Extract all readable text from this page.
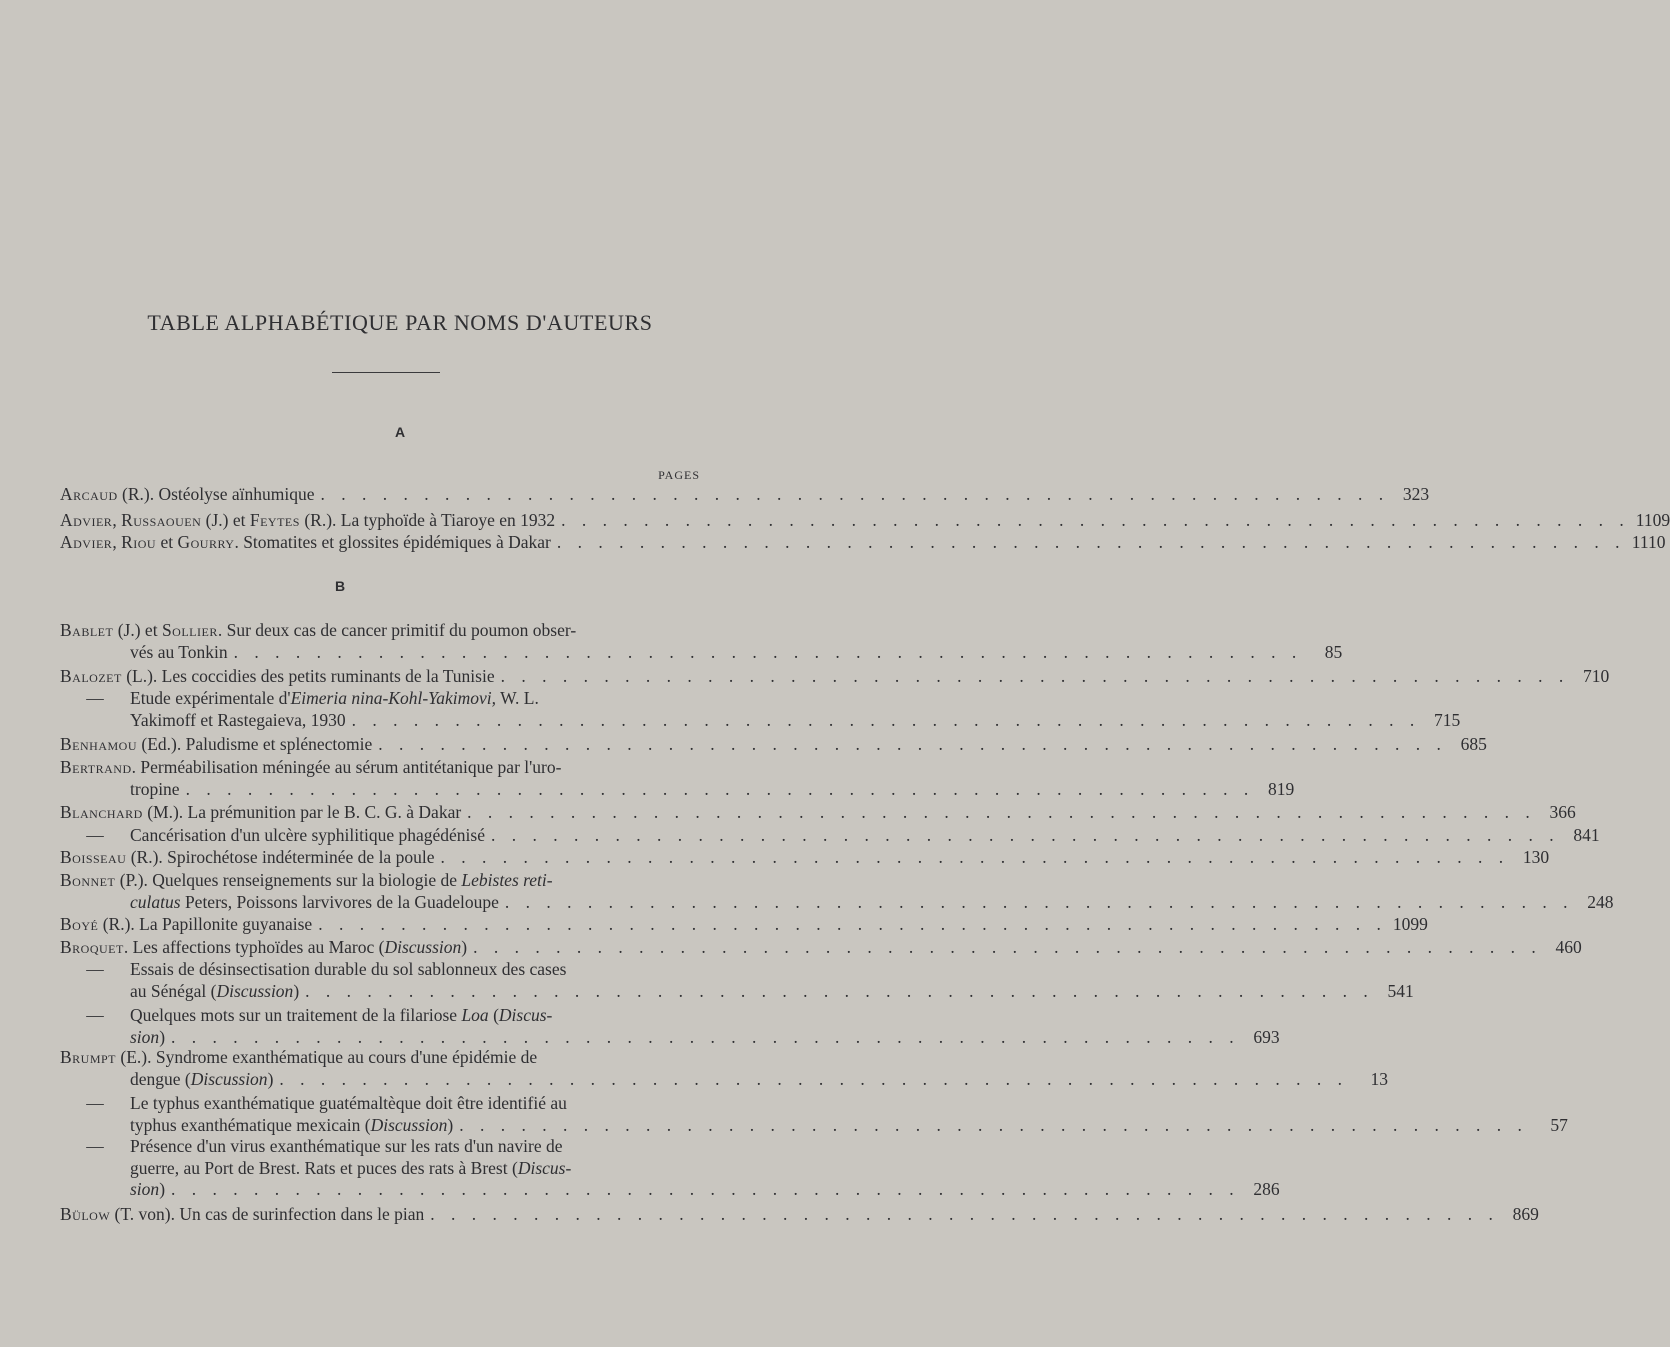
TABLE ALPHABÉTIQUE PAR NOMS D'AUTEURS
A
PAGES
Arcaud (R.). Ostéolyse aïnhumique . . . . . . . . . . . . . . . . . . . . . . . . . . . . . . . . . . . . . . . . . . . . . . . . . . . . 323
Advier, Russaouen (J.) et Feytes (R.). La typhoïde à Tiaroye en 1932 . . . . . . . . . . . . . . . . . . . . . . . . . . . . . . . . . . . . . . . . . . . . . . . . . . . . 1109
Advier, Riou et Gourry. Stomatites et glossites épidémiques à Dakar . . . . . . . . . . . . . . . . . . . . . . . . . . . . . . . . . . . . . . . . . . . . . . . . . . . . 1110
B
Bablet (J.) et Sollier. Sur deux cas de cancer primitif du poumon obser-
vés au Tonkin . . . . . . . . . . . . . . . . . . . . . . . . . . . . . . . . . . . . . . . . . . . . . . . . . . . .	85
Balozet (L.). Les coccidies des petits ruminants de la Tunisie . . . . . . . . . . . . . . . . . . . . . . . . . . . . . . . . . . . . . . . . . . . . . . . . . . . . 710
—	Etude expérimentale d'Eimeria nina-Kohl-Yakimovi, W. L.
Yakimoff et Rastegaieva, 1930 . . . . . . . . . . . . . . . . . . . . . . . . . . . . . . . . . . . . . . . . . . . . . . . . . . . . 715
Benhamou (Ed.). Paludisme et splénectomie . . . . . . . . . . . . . . . . . . . . . . . . . . . . . . . . . . . . . . . . . . . . . . . . . . . . 685
Bertrand. Perméabilisation méningée au sérum antitétanique par l'uro-
tropine . . . . . . . . . . . . . . . . . . . . . . . . . . . . . . . . . . . . . . . . . . . . . . . . . . . . 819
Blanchard (M.). La prémunition par le B. C. G. à Dakar . . . . . . . . . . . . . . . . . . . . . . . . . . . . . . . . . . . . . . . . . . . . . . . . . . . . 366
—	Cancérisation d'un ulcère syphilitique phagédénisé . . . . . . . . . . . . . . . . . . . . . . . . . . . . . . . . . . . . . . . . . . . . . . . . . . . . 841
Boisseau (R.). Spirochétose indéterminée de la poule . . . . . . . . . . . . . . . . . . . . . . . . . . . . . . . . . . . . . . . . . . . . . . . . . . . . 130
Bonnet (P.). Quelques renseignements sur la biologie de Lebistes reti-
culatus Peters, Poissons larvivores de la Guadeloupe . . . . . . . . . . . . . . . . . . . . . . . . . . . . . . . . . . . . . . . . . . . . . . . . . . . . 248
Boyé (R.). La Papillonite guyanaise . . . . . . . . . . . . . . . . . . . . . . . . . . . . . . . . . . . . . . . . . . . . . . . . . . . . 1099
Broquet. Les affections typhoïdes au Maroc (Discussion) . . . . . . . . . . . . . . . . . . . . . . . . . . . . . . . . . . . . . . . . . . . . . . . . . . . . 460
—	Essais de désinsectisation durable du sol sablonneux des cases
au Sénégal (Discussion) . . . . . . . . . . . . . . . . . . . . . . . . . . . . . . . . . . . . . . . . . . . . . . . . . . . . 541
—	Quelques mots sur un traitement de la filariose Loa (Discus-
sion) . . . . . . . . . . . . . . . . . . . . . . . . . . . . . . . . . . . . . . . . . . . . . . . . . . . . 693
Brumpt (E.). Syndrome exanthématique au cours d'une épidémie de
dengue (Discussion) . . . . . . . . . . . . . . . . . . . . . . . . . . . . . . . . . . . . . . . . . . . . . . . . . . . .	13
—	Le typhus exanthématique guatémaltèque doit être identifié au
typhus exanthématique mexicain (Discussion) . . . . . . . . . . . . . . . . . . . . . . . . . . . . . . . . . . . . . . . . . . . . . . . . . . . .	57
—	Présence d'un virus exanthématique sur les rats d'un navire de
guerre, au Port de Brest. Rats et puces des rats à Brest (Discus-
sion) . . . . . . . . . . . . . . . . . . . . . . . . . . . . . . . . . . . . . . . . . . . . . . . . . . . . 286
Bülow (T. von). Un cas de surinfection dans le pian . . . . . . . . . . . . . . . . . . . . . . . . . . . . . . . . . . . . . . . . . . . . . . . . . . . . 869
